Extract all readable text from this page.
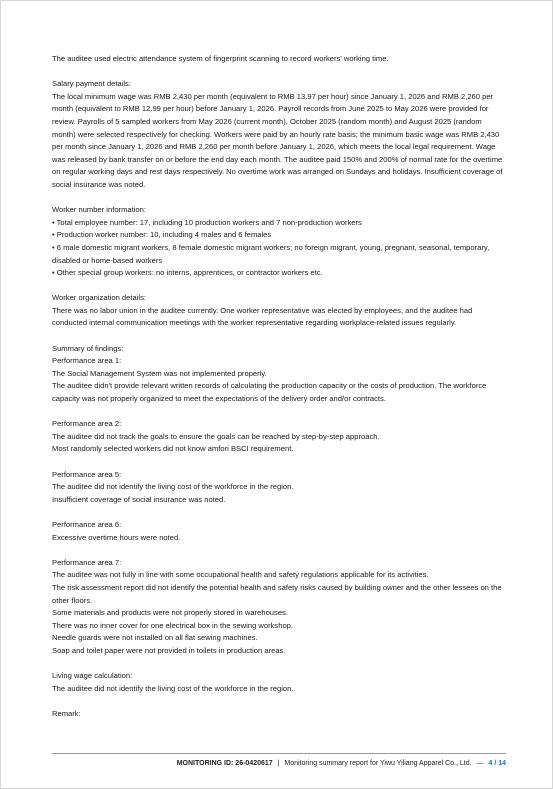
The auditee used electric attendance system of fingerprint scanning to record workers' working time.

Salary payment details:

The local minimum wage was RMB 2,430 per month (equivalent to RMB 13.97 per hour) since January 1, 2026 and RMB 2,260 per month (equivalent to RMB 12.99 per hour) before January 1, 2026. Payroll records from June 2025 to May 2026 were provided for review. Payrolls of 5 sampled workers from May 2026 (current month), October 2025 (random month) and August 2025 (random month) were selected respectively for checking. Workers were paid by an hourly rate basis; the minimum basic wage was RMB 2,430 per month since January 1, 2026 and RMB 2,260 per month before January 1, 2026, which meets the local legal requirement. Wage was released by bank transfer on or before the end day each month. The auditee paid 150% and 200% of normal rate for the overtime on regular working days and rest days respectively. No overtime work was arranged on Sundays and holidays. Insufficient coverage of social insurance was noted.

Worker number information:

• Total employee number: 17, including 10 production workers and 7 non-production workers

• Production worker number: 10, including 4 males and 6 females

• 6 male domestic migrant workers, 8 female domestic migrant workers; no foreign migrant, young, pregnant, seasonal, temporary, disabled or home-based workers

• Other special group workers: no interns, apprentices, or contractor workers etc.

Worker organization details:

There was no labor union in the auditee currently. One worker representative was elected by employees, and the auditee had conducted internal communication meetings with the worker representative regarding workplace-related issues regularly.

Summary of findings:

Performance area 1:

The Social Management System was not implemented properly.

The auditee didn't provide relevant written records of calculating the production capacity or the costs of production. The workforce capacity was not properly organized to meet the expectations of the delivery order and/or contracts.

Performance area 2:

The auditee did not track the goals to ensure the goals can be reached by step-by-step approach.

Most randomly selected workers did not know amfori BSCI requirement.

Performance area 5:

The auditee did not identify the living cost of the workforce in the region.

Insufficient coverage of social insurance was noted.

Performance area 6:

Excessive overtime hours were noted.

Performance area 7:

The auditee was not fully in line with some occupational health and safety regulations applicable for its activities.

The risk assessment report did not identify the potential health and safety risks caused by building owner and the other lessees on the other floors.

Some materials and products were not properly stored in warehouses.

There was no inner cover for one electrical box in the sewing workshop.

Needle guards were not installed on all flat sewing machines.

Soap and toilet paper were not provided in toilets in production areas.

Living wage calculation:

The auditee did not identify the living cost of the workforce in the region.

Remark:

MONITORING ID: 26-0420617 | Monitoring summary report for Yiwu Yiliang Apparel Co., Ltd. — 4 / 14
